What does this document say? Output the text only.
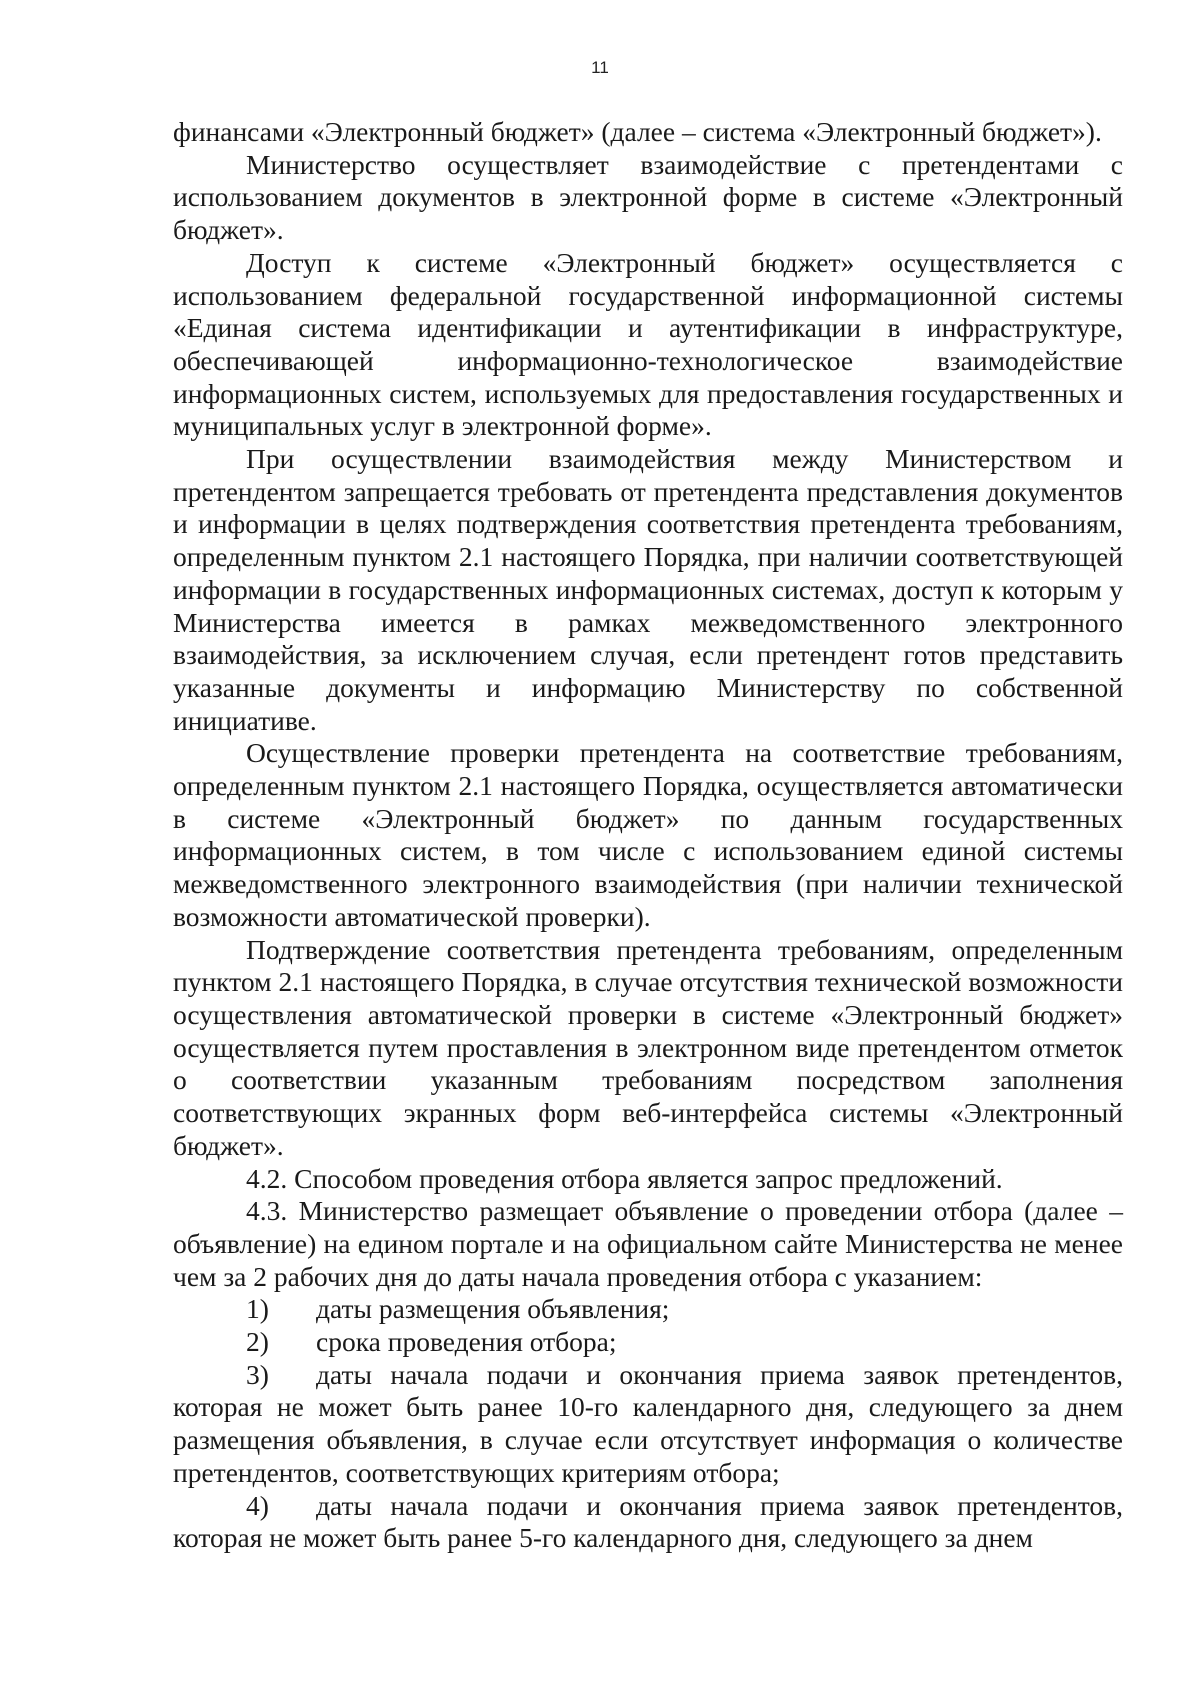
11

финансами «Электронный бюджет» (далее – система «Электронный бюджет»).

Министерство осуществляет взаимодействие с претендентами с использованием документов в электронной форме в системе «Электронный бюджет».

Доступ к системе «Электронный бюджет» осуществляется с использованием федеральной государственной информационной системы «Единая система идентификации и аутентификации в инфраструктуре, обеспечивающей информационно-технологическое взаимодействие информационных систем, используемых для предоставления государственных и муниципальных услуг в электронной форме».

При осуществлении взаимодействия между Министерством и претендентом запрещается требовать от претендента представления документов и информации в целях подтверждения соответствия претендента требованиям, определенным пунктом 2.1 настоящего Порядка, при наличии соответствующей информации в государственных информационных системах, доступ к которым у Министерства имеется в рамках межведомственного электронного взаимодействия, за исключением случая, если претендент готов представить указанные документы и информацию Министерству по собственной инициативе.

Осуществление проверки претендента на соответствие требованиям, определенным пунктом 2.1 настоящего Порядка, осуществляется автоматически в системе «Электронный бюджет» по данным государственных информационных систем, в том числе с использованием единой системы межведомственного электронного взаимодействия (при наличии технической возможности автоматической проверки).

Подтверждение соответствия претендента требованиям, определенным пунктом 2.1 настоящего Порядка, в случае отсутствия технической возможности осуществления автоматической проверки в системе «Электронный бюджет» осуществляется путем проставления в электронном виде претендентом отметок о соответствии указанным требованиям посредством заполнения соответствующих экранных форм веб-интерфейса системы «Электронный бюджет».

4.2. Способом проведения отбора является запрос предложений.

4.3. Министерство размещает объявление о проведении отбора (далее – объявление) на едином портале и на официальном сайте Министерства не менее чем за 2 рабочих дня до даты начала проведения отбора с указанием:

1) даты размещения объявления;

2) срока проведения отбора;

3) даты начала подачи и окончания приема заявок претендентов, которая не может быть ранее 10-го календарного дня, следующего за днем размещения объявления, в случае если отсутствует информация о количестве претендентов, соответствующих критериям отбора;

4) даты начала подачи и окончания приема заявок претендентов, которая не может быть ранее 5-го календарного дня, следующего за днем
